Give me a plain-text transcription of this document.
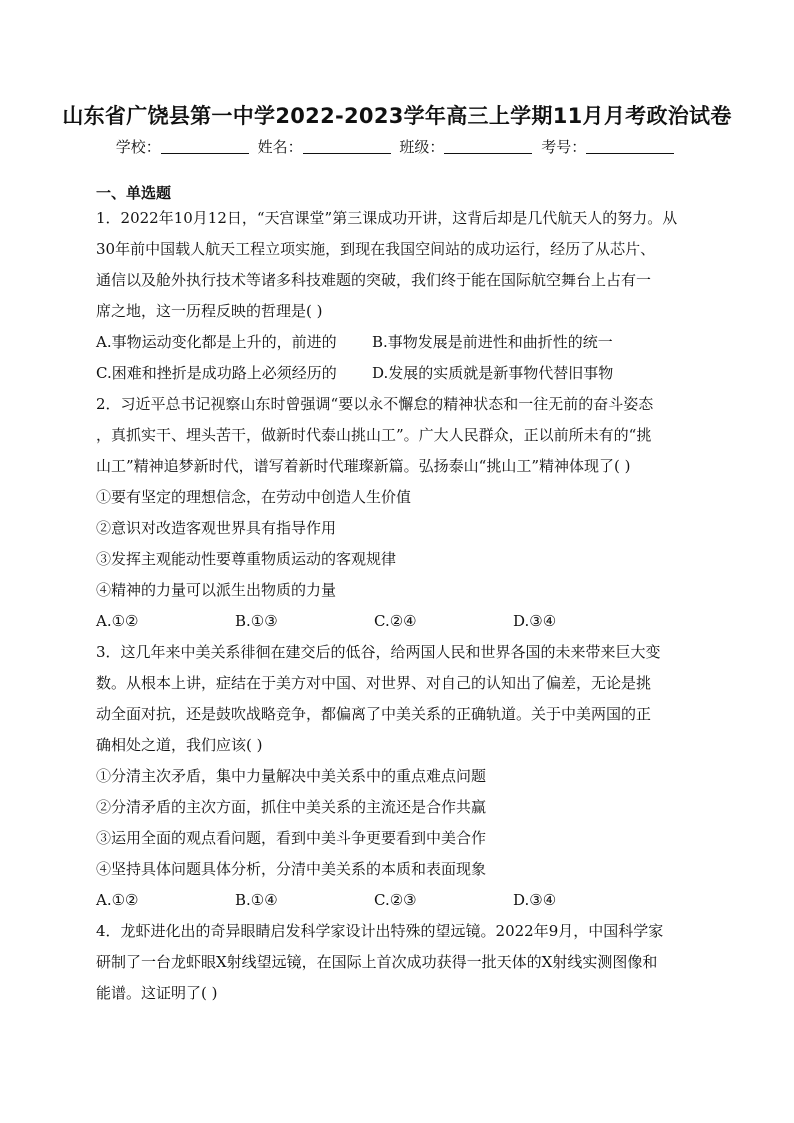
山东省广饶县第一中学2022-2023学年高三上学期11月月考政治试卷
学校：	姓名：	班级：	考号：
一、单选题

1．2022年10月12日，“天宫课堂”第三课成功开讲，这背后却是几代航天人的努力。从

30年前中国载人航天工程立项实施，到现在我国空间站的成功运行，经历了从芯片、

通信以及舱外执行技术等诸多科技难题的突破，我们终于能在国际航空舞台上占有一

席之地，这一历程反映的哲理是( )

A.事物运动变化都是上升的，前进的 B.事物发展是前进性和曲折性的统一
C.困难和挫折是成功路上必须经历的 D.发展的实质就是新事物代替旧事物

2．习近平总书记视察山东时曾强调“要以永不懈怠的精神状态和一往无前的奋斗姿态

，真抓实干、埋头苦干，做新时代泰山挑山工”。广大人民群众，正以前所未有的“挑

山工”精神追梦新时代，谱写着新时代璀璨新篇。弘扬泰山“挑山工”精神体现了( )

①要有坚定的理想信念，在劳动中创造人生价值

②意识对改造客观世界具有指导作用

③发挥主观能动性要尊重物质运动的客观规律

④精神的力量可以派生出物质的力量

A.①②	B.①③	C.②④	D.③④

3．这几年来中美关系徘徊在建交后的低谷，给两国人民和世界各国的未来带来巨大变

数。从根本上讲，症结在于美方对中国、对世界、对自己的认知出了偏差，无论是挑

动全面对抗，还是鼓吹战略竞争，都偏离了中美关系的正确轨道。关于中美两国的正

确相处之道，我们应该( )

①分清主次矛盾，集中力量解决中美关系中的重点难点问题

②分清矛盾的主次方面，抓住中美关系的主流还是合作共赢

③运用全面的观点看问题，看到中美斗争更要看到中美合作

④坚持具体问题具体分析，分清中美关系的本质和表面现象

A.①②	B.①④	C.②③	D.③④

4．龙虾进化出的奇异眼睛启发科学家设计出特殊的望远镜。2022年9月，中国科学家

研制了一台龙虾眼X射线望远镜，在国际上首次成功获得一批天体的X射线实测图像和

能谱。这证明了( )
